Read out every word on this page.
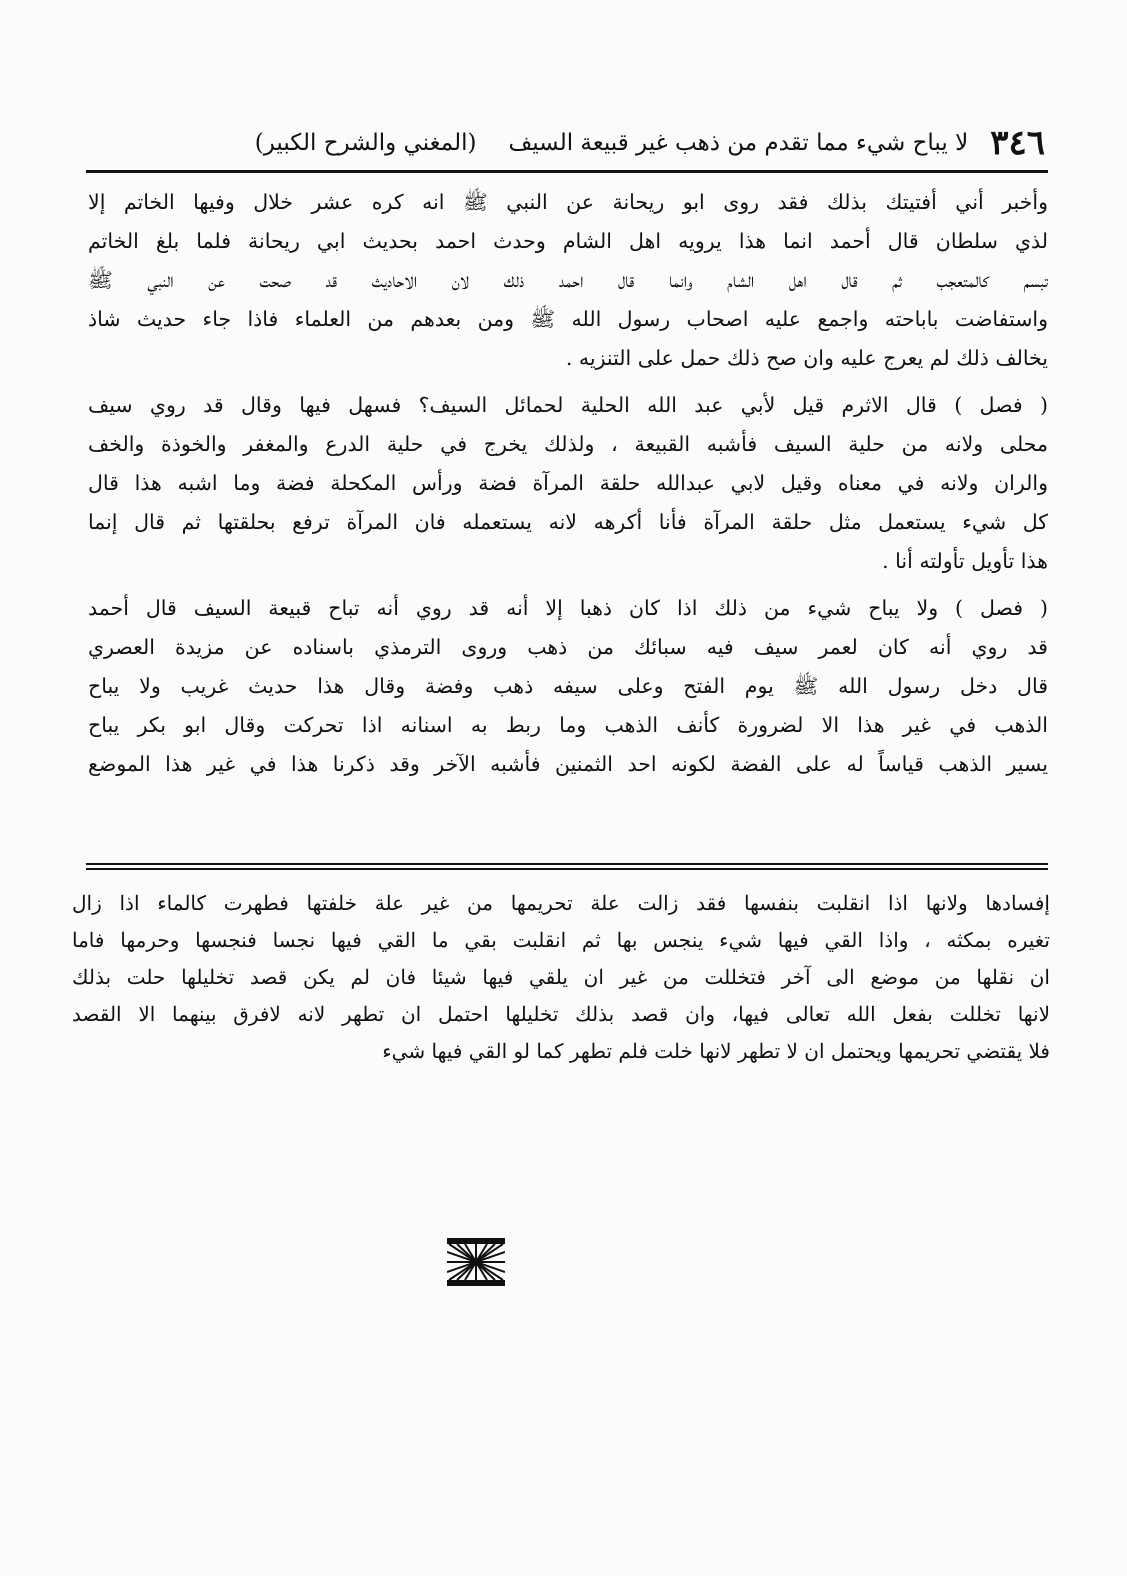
٣٤٦
لا يباح شيء مما تقدم من ذهب غير قبيعة السيف
(المغني والشرح الكبير)
وأخبر أني أفتيتك بذلك فقد روى ابو ريحانة عن النبي ﷺ انه كره عشر خلال وفيها الخاتم إلا
لذي سلطان قال أحمد انما هذا يرويه اهل الشام وحدث احمد بحديث ابي ريحانة فلما بلغ الخاتم
تبسم كالمتعجب ثم قال اهل الشام وانما قال احمد ذلك لان الاحاديث قد صحت عن النبي ﷺ
واستفاضت باباحته واجمع عليه اصحاب رسول الله ﷺ ومن بعدهم من العلماء فاذا جاء حديث شاذ
يخالف ذلك لم يعرج عليه وان صح ذلك حمل على التنزيه .
( فصل ) قال الاثرم قيل لأبي عبد الله الحلية لحمائل السيف؟ فسهل فيها وقال قد روي سيف
محلى ولانه من حلية السيف فأشبه القبيعة ، ولذلك يخرج في حلية الدرع والمغفر والخوذة والخف
والران ولانه في معناه وقيل لابي عبدالله حلقة المرآة فضة ورأس المكحلة فضة وما اشبه هذا قال
كل شيء يستعمل مثل حلقة المرآة فأنا أكرهه لانه يستعمله فان المرآة ترفع بحلقتها ثم قال إنما
هذا تأويل تأولته أنا .
( فصل ) ولا يباح شيء من ذلك اذا كان ذهبا إلا أنه قد روي أنه تباح قبيعة السيف قال أحمد
قد روي أنه كان لعمر سيف فيه سبائك من ذهب وروى الترمذي باسناده عن مزيدة العصري
قال دخل رسول الله ﷺ يوم الفتح وعلى سيفه ذهب وفضة وقال هذا حديث غريب ولا يباح
الذهب في غير هذا الا لضرورة كأنف الذهب وما ربط به اسنانه اذا تحركت وقال ابو بكر يباح
يسير الذهب قياساً له على الفضة لكونه احد الثمنين فأشبه الآخر وقد ذكرنا هذا في غير هذا الموضع
إفسادها ولانها اذا انقلبت بنفسها فقد زالت علة تحريمها من غير علة خلفتها فطهرت كالماء اذا زال
تغيره بمكثه ، واذا القي فيها شيء ينجس بها ثم انقلبت بقي ما القي فيها نجسا فنجسها وحرمها فاما
ان نقلها من موضع الى آخر فتخللت من غير ان يلقي فيها شيئا فان لم يكن قصد تخليلها حلت بذلك
لانها تخللت بفعل الله تعالى فيها، وان قصد بذلك تخليلها احتمل ان تطهر لانه لافرق بينهما الا القصد
فلا يقتضي تحريمها ويحتمل ان لا تطهر لانها خلت فلم تطهر كما لو القي فيها شيء
